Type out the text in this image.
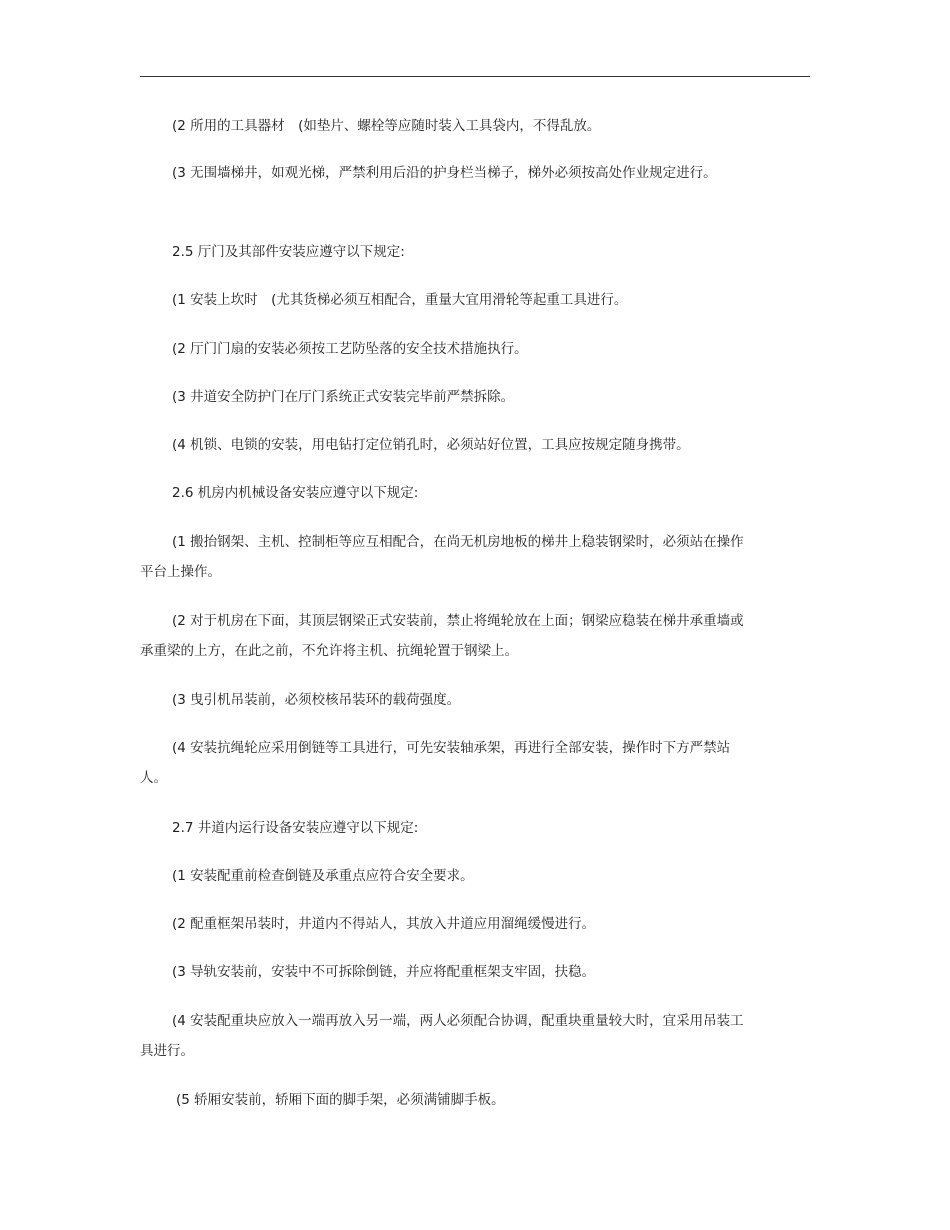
(2 所用的工具器材　(如垫片、螺栓等应随时装入工具袋内，不得乱放。

(3 无围墙梯井，如观光梯，严禁利用后沿的护身栏当梯子，梯外必须按高处作业规定进行。

2.5 厅门及其部件安装应遵守以下规定:

(1 安装上坎时　(尤其货梯必须互相配合，重量大宜用滑轮等起重工具进行。

(2 厅门门扇的安装必须按工艺防坠落的安全技术措施执行。

(3 井道安全防护门在厅门系统正式安装完毕前严禁拆除。

(4 机锁、电锁的安装，用电钻打定位销孔时，必须站好位置，工具应按规定随身携带。

2.6 机房内机械设备安装应遵守以下规定:

(1 搬抬钢架、主机、控制柜等应互相配合，在尚无机房地板的梯井上稳装钢梁时，必须站在操作平台上操作。

(2 对于机房在下面，其顶层钢梁正式安装前，禁止将绳轮放在上面；钢梁应稳装在梯井承重墙或承重梁的上方，在此之前，不允许将主机、抗绳轮置于钢梁上。

(3 曳引机吊装前，必须校核吊装环的载荷强度。

(4 安装抗绳轮应采用倒链等工具进行，可先安装轴承架，再进行全部安装，操作时下方严禁站人。

2.7 井道内运行设备安装应遵守以下规定:

(1 安装配重前检查倒链及承重点应符合安全要求。

(2 配重框架吊装时，井道内不得站人，其放入井道应用溜绳缓慢进行。

(3 导轨安装前，安装中不可拆除倒链，并应将配重框架支牢固，扶稳。

(4 安装配重块应放入一端再放入另一端，两人必须配合协调，配重块重量较大时，宜采用吊装工具进行。

(5 轿厢安装前，轿厢下面的脚手架，必须满铺脚手板。
